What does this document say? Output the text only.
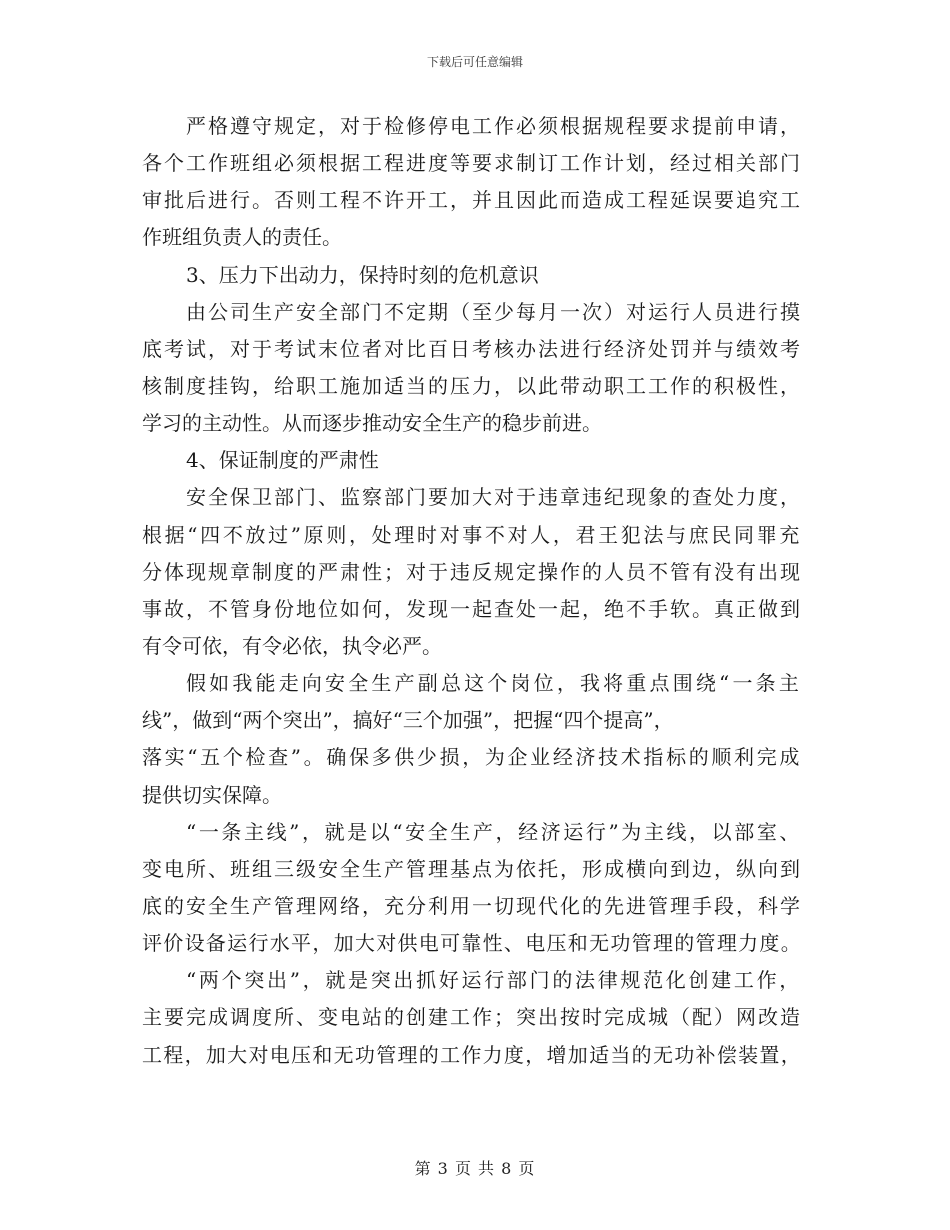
下载后可任意编辑
严格遵守规定，对于检修停电工作必须根据规程要求提前申请，
各个工作班组必须根据工程进度等要求制订工作计划，经过相关部门
审批后进行。否则工程不许开工，并且因此而造成工程延误要追究工
作班组负责人的责任。
3、压力下出动力，保持时刻的危机意识
由公司生产安全部门不定期（至少每月一次）对运行人员进行摸
底考试，对于考试末位者对比百日考核办法进行经济处罚并与绩效考
核制度挂钩，给职工施加适当的压力，以此带动职工工作的积极性，
学习的主动性。从而逐步推动安全生产的稳步前进。
4、保证制度的严肃性
安全保卫部门、监察部门要加大对于违章违纪现象的查处力度，
根据“四不放过”原则，处理时对事不对人，君王犯法与庶民同罪充
分体现规章制度的严肃性；对于违反规定操作的人员不管有没有出现
事故，不管身份地位如何，发现一起查处一起，绝不手软。真正做到
有令可依，有令必依，执令必严。
假如我能走向安全生产副总这个岗位，我将重点围绕“一条主
线”，做到“两个突出”，搞好“三个加强”，把握“四个提高”，
落实“五个检查”。确保多供少损，为企业经济技术指标的顺利完成
提供切实保障。
“一条主线”，就是以“安全生产，经济运行”为主线，以部室、
变电所、班组三级安全生产管理基点为依托，形成横向到边，纵向到
底的安全生产管理网络，充分利用一切现代化的先进管理手段，科学
评价设备运行水平，加大对供电可靠性、电压和无功管理的管理力度。
“两个突出”，就是突出抓好运行部门的法律规范化创建工作，
主要完成调度所、变电站的创建工作；突出按时完成城（配）网改造
工程，加大对电压和无功管理的工作力度，增加适当的无功补偿装置，
第 3 页 共 8 页
